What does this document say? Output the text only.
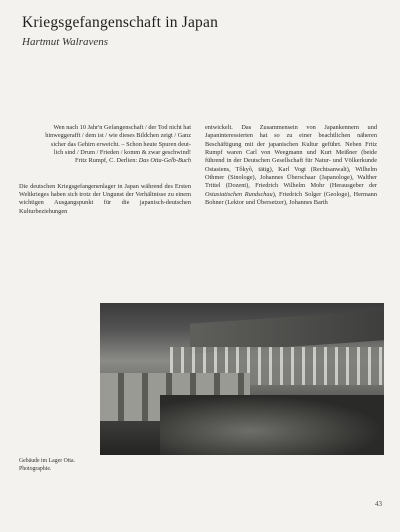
Kriegsgefangenschaft in Japan
Hartmut Walravens

Wen nach 10 Jahr'n Gefangenschaft / der Tod nicht hat

hinweggerafft / dem ist / wie dieses Bildchen zeigt / Ganz

sicher das Gehirn erweicht. – Schon heute Spuren deut-

lich sind / Drum / Frieden / komm & zwar geschwind!

Fritz Rumpf, C. Derlien: Das Otta-Gelb-Buch

Die deutschen Kriegsgefangenenlager in Japan während des Ersten Weltkrieges haben sich trotz der Ungunst der Verhältnisse zu einem wichtigen Ausgangspunkt für die japanisch-deutschen Kulturbeziehungen

entwickelt. Das Zusammensein von Japankennern und Japaninteressierten hat so zu einer beachtlichen näheren Beschäftigung mit der japanischen Kultur geführt. Neben Fritz Rumpf waren Carl von Weegmann und Kurt Meißner (beide führend in der Deutschen Gesellschaft für Natur- und Völkerkunde Ostasiens, Tôkyô, tätig), Karl Vogt (Rechtsanwalt), Wilhelm Othmer (Sinologe), Johannes Überschaar (Japanologe), Walther Trittel (Dozent), Friedrich Wilhelm Mohr (Herausgeber der Ostasiatischen Rundschau), Friedrich Solger (Geologe), Hermann Bohner (Lektor und Übersetzer), Johannes Barth

Gebäude im Lager Otta. Photographie.
43
